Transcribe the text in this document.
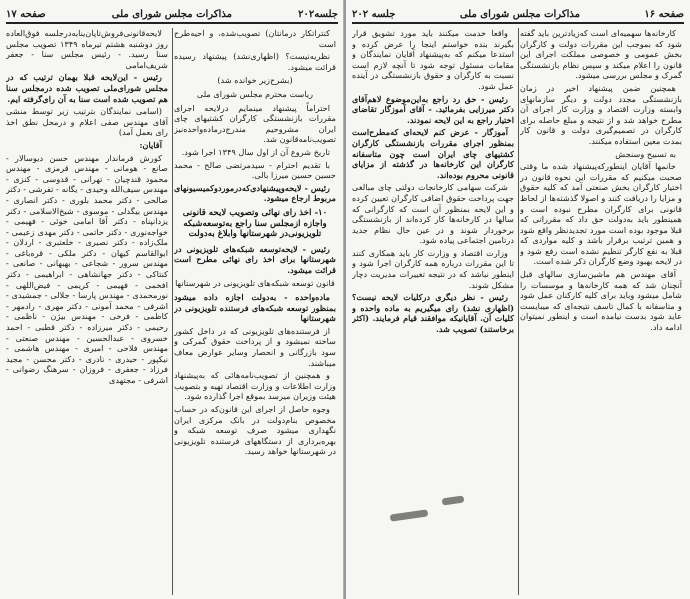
جلسه۲۰۲
مذاکرات مجلس شورای ملی
صفحه ۱۷

کنتراتکار درمانتان) تصویب‌شده، و احیه‌طرح است

نظریه‌نیست؟ (اظهاری‌نشد) پیشنهاد رسیده قرائت میشود.

(بشرح‌زیر خوانده شد)

ریاست محترم مجلس شورای ملی

احتراماً پیشنهاد مینمایم درلایحه اجرای مقررات بازنشستگی کارگران کشتیهای چای ایران مشروحیم مندرج‌درماده‌واحده‌نیز تصویب‌نامه‌قانون شد.

تاریخ شروع آن از اول سال ۱۳۴۹ اجرا شود.

با تقدیم احترام - سیدمرتضی صالح - محمد حسین حسین میرزا بالی.

رئیس - لایحه‌وپیشنهادی‌که‌درموردوکمیسیونهای مربوط ارجاع میشود.

۱۰- اخذ رای نهائی وتصویب لایحه قانونی واجازه ازمجلس سنا راجع به‌توسعه‌شبکه تلویزیونی‌در شهرستانها وابلاغ به‌دولت

رئیس - لایحه‌توسعه شبکه‌های تلویزیونی در شهرستانها برای اخذ رای نهائی مطرح است قرائت میشود.

قانون توسعه شبکه‌های تلویزیونی در شهرستانها

ماده‌واحده - به‌دولت اجازه داده میشود بمنظور توسعه شبکه‌های فرستنده تلویزیونی در شهرستانها

از فرستنده‌های تلویزیونی که در داخل کشور ساخته نمیشود و از پرداخت حقوق گمرکی و سود بازرگانی و انحصار وسایر عوارض معاف میباشند.

و همچنین از تصویب‌نامه‌هائی که به‌پیشنهاد وزارت اطلاعات و وزارت اقتصاد تهیه و بتصویب هیئت وزیران میرسد بموقع اجرا گذارده شود.

وجوه حاصل از اجرای این قانون‌که در حساب مخصوص بنام‌دولت در بانک مرکزی ایران نگهداری میشود صرف توسعه شبکه و بهره‌برداری از دستگاههای فرستنده تلویزیونی در شهرستانها خواهد رسید.

لایحه‌قانونی‌فروش‌تاپان‌ینابه‌درجلسه فوق‌العاده روز دوشنبه هشتم تیرماه ۱۳۴۹ تصویب مجلس سنا رسید. - رئیس مجلس سنا - جعفر شریف‌امامی

رئیس - این‌لایحه‌ قبلا بهمان ترتیب که در مجلس شورای‌ملی تصویب شده درمجلس سنا هم تصویب شده است سنا به آن رای‌گرفته ایم.

(اسامی نمایندگان بترتیب زیر توسط منشی آقای مهندس صفی اعلام و درمحل نطق اخذ رای بعمل آمد)

آقایان:

کورش فرماندار مهندس حسن دیوسالار - صانع - هومانی - مهندس قرمزی - مهندس محمود قندچیان - تهرانی - قدوسی - کنزی - مهندس سیف‌الله وحیدی - یگانه - تفرشی - دکتر صالحی - دکتر محمد بلوری - دکتر انصاری - مهندس بیگدلی - موسوی - شیخ‌الاسلامی - دکتر یزدانپناه - دکتر آقا امامی خوئی - فهیمی - خواجه‌نوری - دکتر حاتمی - دکتر مهدی زعیمی - ملک‌زاده - دکتر نصیری - خلعتبری - اردلان - ابوالقاسم کیهان - دکتر ملکی - قره‌باغی - مهندس سرور - شجاعی - بهبهانی - صانعی - کنتاکی - دکتر جهانشاهی - ابراهیمی - دکتر افخمی - فهیمی - کریمی - فیض‌اللهی - نورمحمدی - مهندس پارسا - جلالی - جمشیدی - اشرفی - محمد آمونی - دکتر مهری - رادمهر - کاظمی - فرخی - مهندس بیژن - ناظمی - رحیمی - دکتر میرزاده - دکتر قطبی - احمد خسروی - عبدالحسین - مهندس صنعتی - مهندس فلاحی - امیری - مهندس هاشمی - نیکپور - حیدری - نادری - دکتر محسن - مجید فرزاد - جعفری - فروزان - سرهنگ رضوانی - اشرفی - مجتهدی

صفحه ۱۶
مذاکرات مجلس شورای ملی
جلسه ۲۰۲

کارخانه‌ها سهمیه‌ای است که‌زیادترین باید گفته شود که بموجب این مقررات دولت و کارگران بخش عمومی و خصوصی مملکت اجرای این قانون را اعلام میکند و سپس نظام بازنشستگی گمرک و مجلس بررسی میشود.

همچنین ضمن‌ پیشنهاد اخیر در زمان بازنشستگی مجدد دولت و دیگر سازمانهای وابسته وزارت اقتصاد و وزارت کار اجرای آن مطرح خواهد شد و از نتیجه و مبلغ حاصله برای کارگران در تصمیم‌گیری دولت و قانون کار بمدت معین استفاده میکنند.

به تسبیح وسنجش

خانمها آقایان اینطورکه‌پیشنهاد شده ما وقتی صحبت میکنیم که مقررات این نحوه قانون در اختیار کارگران بخش صنعتی آمد که کلیه حقوق و مزایا را دریافت کنند و اصولا گذشته‌ها از لحاظ قانونی برای کارگران مطرح نبوده است و همینطور باید به‌دولت حق داد که‌ مقرراتی که قبلا موجود بوده است مورد تجدیدنظر واقع شود و همین ترتیب برقرار باشد و کلیه مواردی که قبلا به نفع کارگر تنظیم نشده است رفع شود و در لایحه بهبود وضع کارگران ذکر شده است.

آقای مهندس هم ماشین‌سازی سالهای قبل آنچنان شد که همه کارخانه‌ها و موسسات را شامل میشود وباید برای کلیه کارکنان عمل شود و متاسفانه با کمال تاسف نتیجه‌ای که میبایست عاید شود بدست نیامده است و اینطور نمیتوان ادامه داد.

واقعا خدمت میکنند باید مورد تشویق قرار بگیرند بنده خواستم اینجا را عرض کرده و استدعا میکنم که به‌پیشنهاد آقایان نمایندگان و مقامات مسئول توجه شود تا آنچه لازم است نسبت به کارگران و حقوق بازنشستگی در آینده عمل شود.

رئیس - حق‌ رد راجع به‌این‌موضوع لاهم‌آقای دکتر میرزایی بفرمائید. - آقای آموزگار تقاضای اختیار راجع به این لایحه نمودند.

آموزگار - عرض‌ کنم لایحه‌ای که‌مطرح‌است بمنظور اجرای مقررات بازنشستگی کارگران کشتیهای چای ایران است چون متاسفانه کارگران این کارخانه‌ها در گذشته از مزایای قانونی محروم بوده‌اند.

شرکت سهامی کارخانجات دولتی چای مبالغی جهت پرداخت حقوق اضافی کارگران تعیین کرده و این لایحه بمنظور آن است که کارگرانی که سالها در کارخانه‌ها کار کرده‌اند از بازنشستگی برخوردار شوند و در عین حال نظام جدید درتامین اجتماعی پیاده شود.

وزارت اقتصاد و وزارت کار باید همکاری کنند تا این مقررات درباره همه کارگران اجرا شود و اینطور نباشد که در نتیجه تغییرات مدیریت دچار مشکل شوند.

رئیس - نظر دیگری درکلیات لایحه نیست؟ (اظهاری نشد) رای میگیریم به ماده واحده و کلیات آن. آقایانیکه موافقند قیام فرمایند. (اکثر برخاستند) تصویب شد.
